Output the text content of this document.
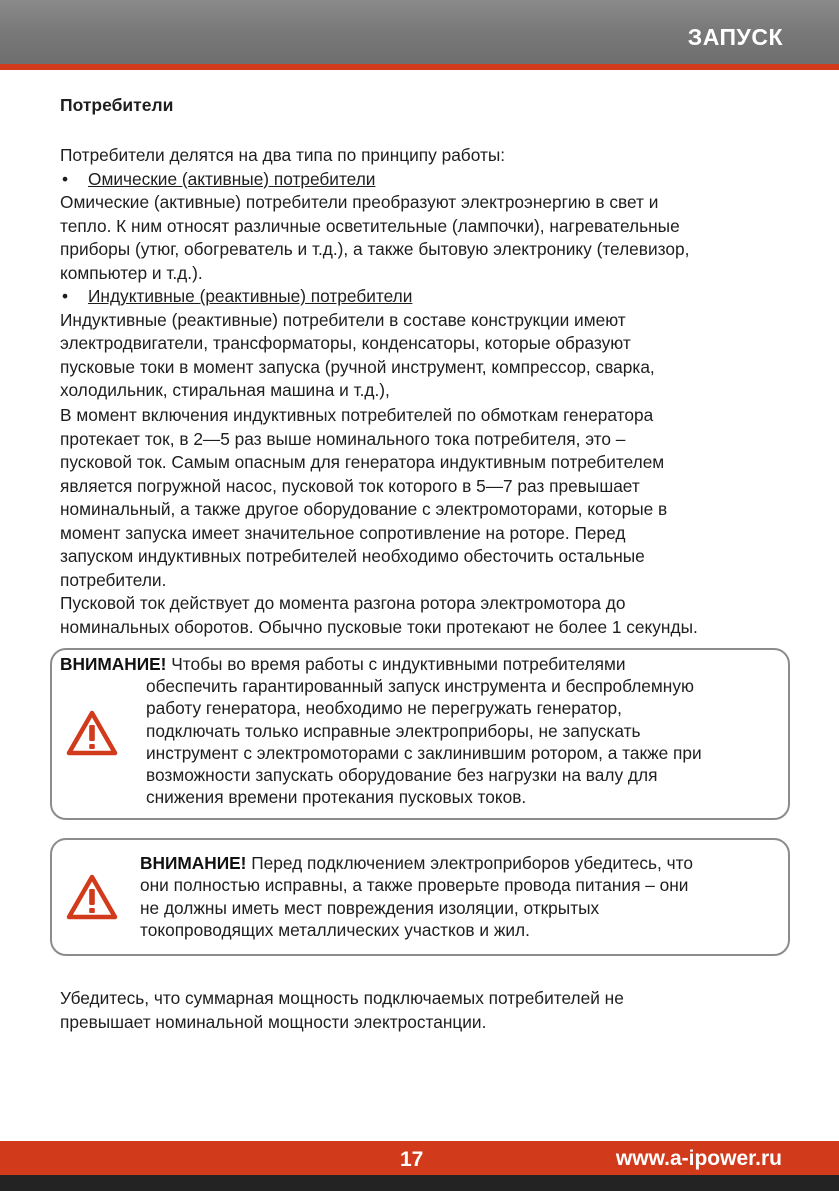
ЗАПУСК
Потребители
Потребители делятся на два типа по принципу работы:
•	Омические (активные) потребители
Омические (активные) потребители преобразуют электроэнергию в свет и
тепло. К ним относят различные осветительные (лампочки), нагревательные
приборы (утюг, обогреватель и т.д.), а также бытовую электронику (телевизор,
компьютер и т.д.).
•	Индуктивные (реактивные) потребители
Индуктивные (реактивные) потребители в составе конструкции имеют
электродвигатели, трансформаторы, конденсаторы, которые образуют
пусковые токи в момент запуска (ручной инструмент, компрессор, сварка,
холодильник, стиральная машина и т.д.),
В момент включения индуктивных потребителей по обмоткам генератора
протекает ток, в 2—5 раз выше номинального тока потребителя, это –
пусковой ток. Самым опасным для генератора индуктивным потребителем
является погружной насос, пусковой ток которого в 5—7 раз превышает
номинальный, а также другое оборудование с электромоторами, которые в
момент запуска имеет значительное сопротивление на роторе. Перед
запуском индуктивных потребителей необходимо обесточить остальные
потребители.
Пусковой ток действует до момента разгона ротора электромотора до
номинальных оборотов. Обычно пусковые токи протекают не более 1 секунды.
ВНИМАНИЕ! Чтобы во время работы с индуктивными потребителями
обеспечить гарантированный запуск инструмента и беспроблемную
работу генератора, необходимо не перегружать генератор,
подключать только исправные электроприборы, не запускать
инструмент с электромоторами с заклинившим ротором, а также при
возможности запускать оборудование без нагрузки на валу для
снижения времени протекания пусковых токов.
ВНИМАНИЕ! Перед подключением электроприборов убедитесь, что
они полностью исправны, а также проверьте провода питания – они
не должны иметь мест повреждения изоляции, открытых
токопроводящих металлических участков и жил.
Убедитесь, что суммарная мощность подключаемых потребителей не
превышает номинальной мощности электростанции.
17	www.a-ipower.ru
